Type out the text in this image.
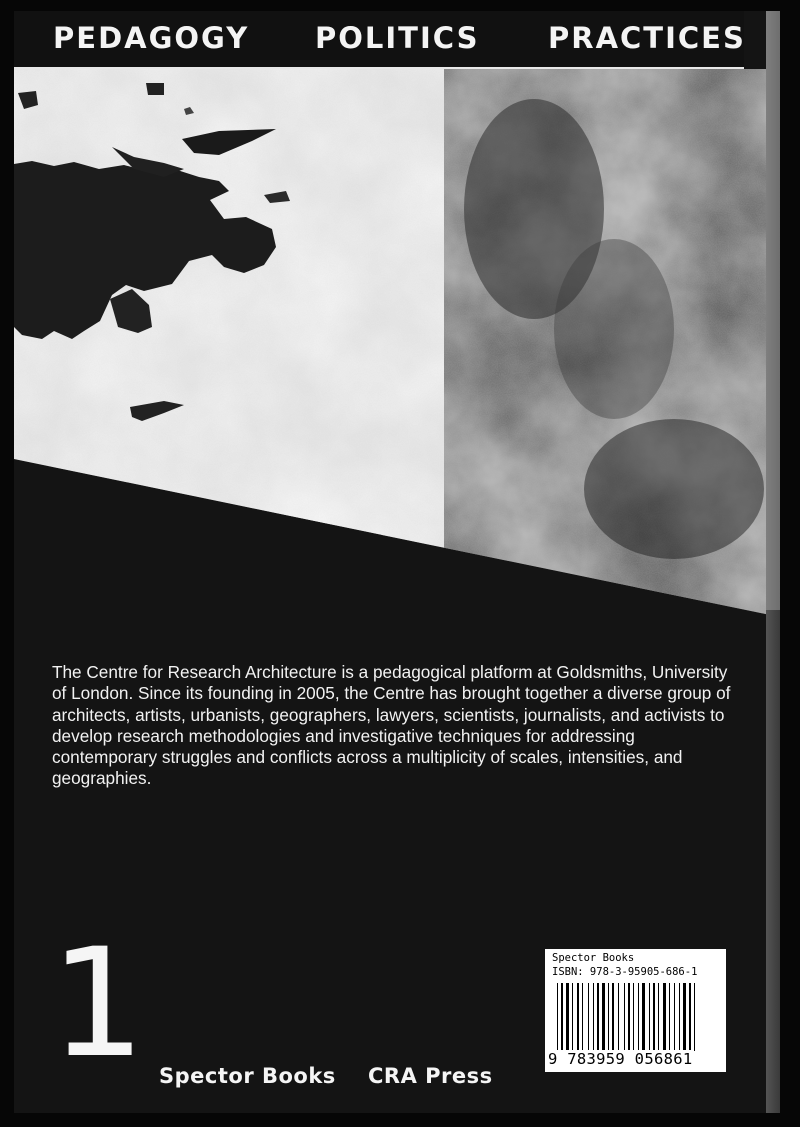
PEDAGOGY POLITICS PRACTICES

The Centre for Research Architecture is a pedagogical platform at Goldsmiths, University of London. Since its founding in 2005, the Centre has brought together a diverse group of architects, artists, urbanists, geographers, lawyers, scientists, journalists, and activists to develop research methodologies and investigative techniques for addressing contemporary struggles and conflicts across a multiplicity of scales, intensities, and geographies.

1 Spector Books CRA Press
Spector Books
ISBN: 978-3-95905-686-1
9 783959 056861
